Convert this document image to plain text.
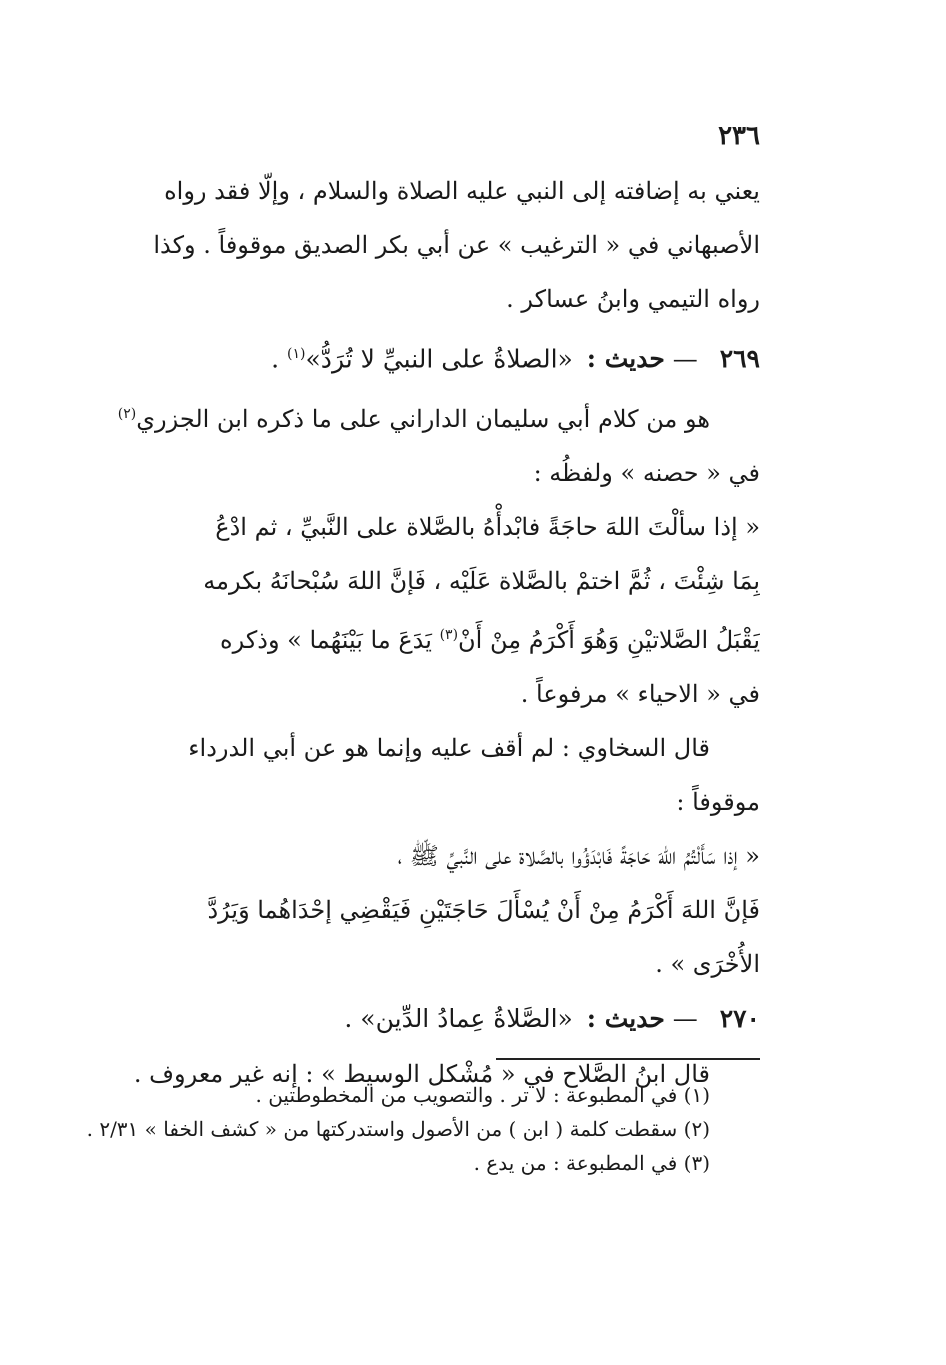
٢٣٦

يعني به إضافته إلى النبي عليه الصلاة والسلام ، وإلّا فقد رواه

الأصبهاني في « الترغيب » عن أبي بكر الصديق موقوفاً . وكذا

رواه التيمي وابنُ عساكر .

٢٦٩ — حديث : «الصلاةُ على النبيِّ لا تُرَدُّ»$^{(١)}$ .

هو من كلام أبي سليمان الداراني على ما ذكره ابن الجزري$^{(٢)}$

في « حصنه » ولفظُه :

« إذا سألْتَ اللهَ حاجَةً فابْدأْهُ بالصَّلاة على النَّبيِّ ، ثم ادْعُ

بِمَا شِئْتَ ، ثُمَّ اختمْ بالصَّلاة عَلَيْه ، فَإنَّ اللهَ سُبْحانَهُ بكرمه

يَقْبَلُ الصَّلاتيْنِ وَهُوَ أَكْرَمُ مِنْ أَنْ$^{(٣)}$ يَدَعَ ما بَيْنَهُما » وذكره

في « الاحياء » مرفوعاً .

قال السخاوي : لم أقف عليه وإنما هو عن أبي الدرداء

موقوفاً :

« إذا سَأَلْتُمُ اللهَ حَاجَةً فَابْدَؤُوا بالصَّلاة على النَّبيِّ ﷺ ،

فَإنَّ اللهَ أَكْرَمُ مِنْ أَنْ يُسْأَلَ حَاجَتَيْنِ فَيَقْضِي إحْدَاهُما وَيَرُدَّ

الأُخْرَى » .

٢٧٠ — حديث : «الصَّلاةُ عِمادُ الدِّين» .

قال ابنُ الصَّلاح في « مُشْكل الوسيط » : إنه غير معروف .

(١) في المطبوعة : لا تر . والتصويب من المخطوطتين .

(٢) سقطت كلمة ( ابن ) من الأصول واستدركتها من « كشف الخفا » ٢/٣١ .

(٣) في المطبوعة : من يدع .
